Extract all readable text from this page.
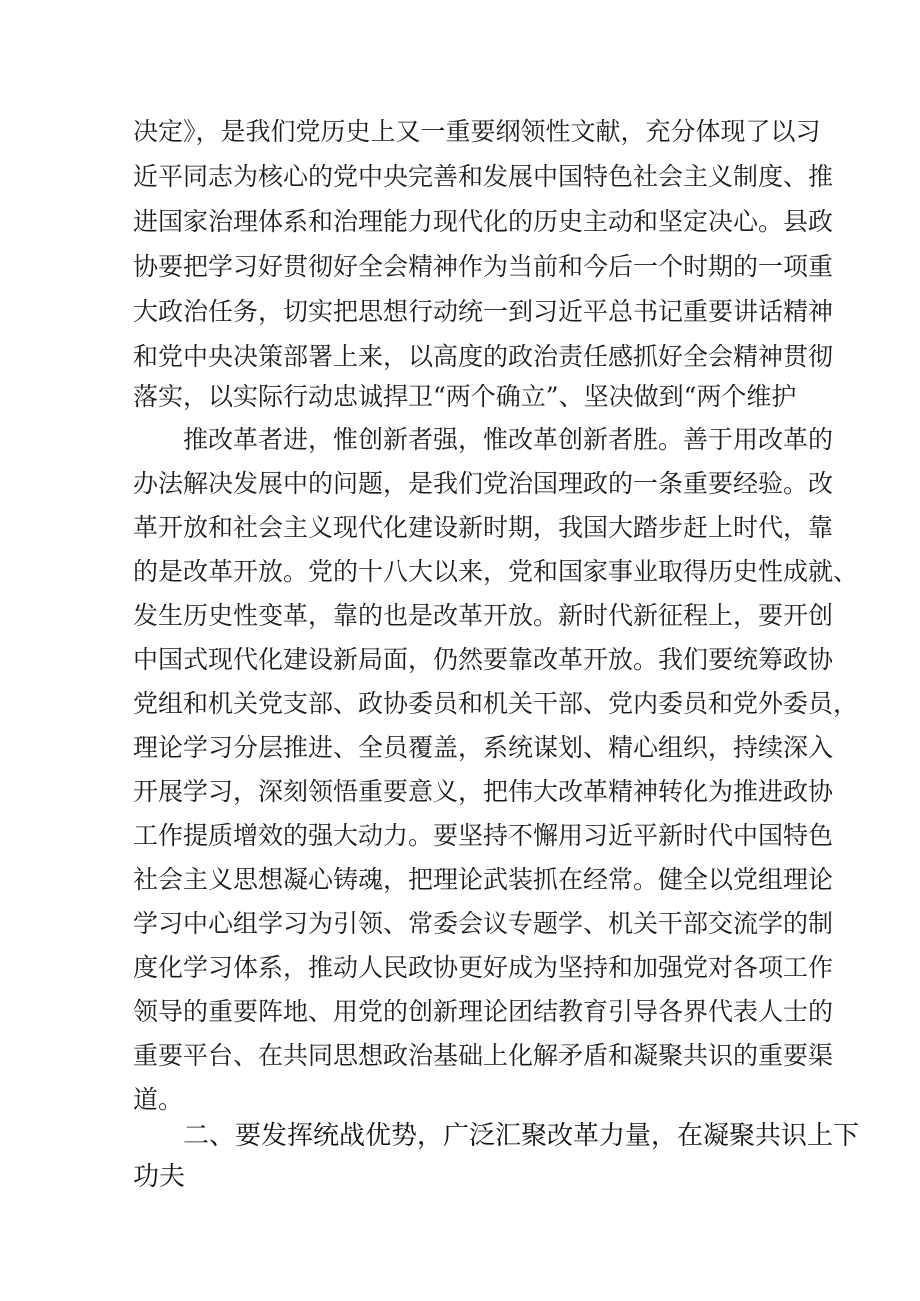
决定》，是我们党历史上又一重要纲领性文献，充分体现了以习
近平同志为核心的党中央完善和发展中国特色社会主义制度、推
进国家治理体系和治理能力现代化的历史主动和坚定决心。县政
协要把学习好贯彻好全会精神作为当前和今后一个时期的一项重
大政治任务，切实把思想行动统一到习近平总书记重要讲话精神
和党中央决策部署上来，以高度的政治责任感抓好全会精神贯彻
落实，以实际行动忠诚捍卫“两个确立”、坚决做到“两个维护
推改革者进，惟创新者强，惟改革创新者胜。善于用改革的
办法解决发展中的问题，是我们党治国理政的一条重要经验。改
革开放和社会主义现代化建设新时期，我国大踏步赶上时代，靠
的是改革开放。党的十八大以来，党和国家事业取得历史性成就、
发生历史性变革，靠的也是改革开放。新时代新征程上，要开创
中国式现代化建设新局面，仍然要靠改革开放。我们要统筹政协
党组和机关党支部、政协委员和机关干部、党内委员和党外委员，
理论学习分层推进、全员覆盖，系统谋划、精心组织，持续深入
开展学习，深刻领悟重要意义，把伟大改革精神转化为推进政协
工作提质增效的强大动力。要坚持不懈用习近平新时代中国特色
社会主义思想凝心铸魂，把理论武装抓在经常。健全以党组理论
学习中心组学习为引领、常委会议专题学、机关干部交流学的制
度化学习体系，推动人民政协更好成为坚持和加强党对各项工作
领导的重要阵地、用党的创新理论团结教育引导各界代表人士的
重要平台、在共同思想政治基础上化解矛盾和凝聚共识的重要渠
道。
二、要发挥统战优势，广泛汇聚改革力量，在凝聚共识上下
功夫
